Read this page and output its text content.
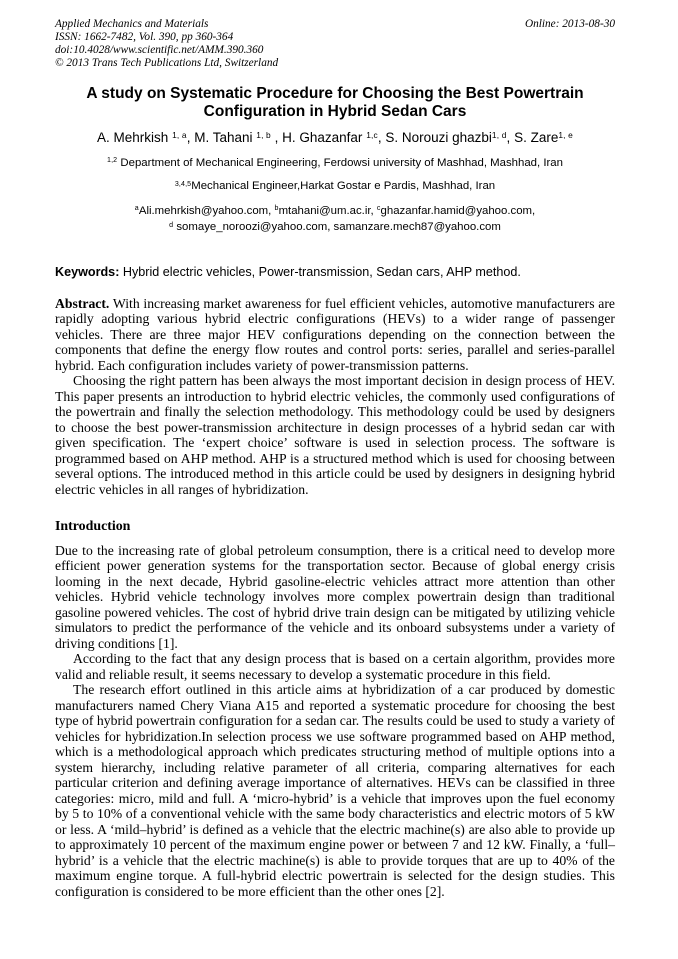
Applied Mechanics and Materials
ISSN: 1662-7482, Vol. 390, pp 360-364
doi:10.4028/www.scientific.net/AMM.390.360
© 2013 Trans Tech Publications Ltd, Switzerland
Online: 2013-08-30
A study on Systematic Procedure for Choosing the Best Powertrain Configuration in Hybrid Sedan Cars
A. Mehrkish $^{1, a}$, M. Tahani $^{1, b}$ , H. Ghazanfar $^{1,c}$, S. Norouzi ghazbi$^{1, d}$, S. Zare$^{1, e}$
$^{1,2}$ Department of Mechanical Engineering, Ferdowsi university of Mashhad, Mashhad, Iran
$^{3,4,5}$Mechanical Engineer,Harkat Gostar e Pardis, Mashhad, Iran
$^a$Ali.mehrkish@yahoo.com, $^b$mtahani@um.ac.ir, $^c$ghazanfar.hamid@yahoo.com,
$^d$ somaye_noroozi@yahoo.com, samanzare.mech87@yahoo.com
Keywords: Hybrid electric vehicles, Power-transmission, Sedan cars, AHP method.

Abstract. With increasing market awareness for fuel efficient vehicles, automotive manufacturers are rapidly adopting various hybrid electric configurations (HEVs) to a wider range of passenger vehicles. There are three major HEV configurations depending on the connection between the components that define the energy flow routes and control ports: series, parallel and series-parallel hybrid. Each configuration includes variety of power-transmission patterns.

Choosing the right pattern has been always the most important decision in design process of HEV. This paper presents an introduction to hybrid electric vehicles, the commonly used configurations of the powertrain and finally the selection methodology. This methodology could be used by designers to choose the best power-transmission architecture in design processes of a hybrid sedan car with given specification. The ‘expert choice’ software is used in selection process. The software is programmed based on AHP method. AHP is a structured method which is used for choosing between several options. The introduced method in this article could be used by designers in designing hybrid electric vehicles in all ranges of hybridization.

Introduction

Due to the increasing rate of global petroleum consumption, there is a critical need to develop more efficient power generation systems for the transportation sector. Because of global energy crisis looming in the next decade, Hybrid gasoline-electric vehicles attract more attention than other vehicles. Hybrid vehicle technology involves more complex powertrain design than traditional gasoline powered vehicles. The cost of hybrid drive train design can be mitigated by utilizing vehicle simulators to predict the performance of the vehicle and its onboard subsystems under a variety of driving conditions [1].

According to the fact that any design process that is based on a certain algorithm, provides more valid and reliable result, it seems necessary to develop a systematic procedure in this field.

The research effort outlined in this article aims at hybridization of a car produced by domestic manufacturers named Chery Viana A15 and reported a systematic procedure for choosing the best type of hybrid powertrain configuration for a sedan car. The results could be used to study a variety of vehicles for hybridization.In selection process we use software programmed based on AHP method, which is a methodological approach which predicates structuring method of multiple options into a system hierarchy, including relative parameter of all criteria, comparing alternatives for each particular criterion and defining average importance of alternatives. HEVs can be classified in three categories: micro, mild and full. A ‘micro-hybrid’ is a vehicle that improves upon the fuel economy by 5 to 10% of a conventional vehicle with the same body characteristics and electric motors of 5 kW or less. A ‘mild–hybrid’ is defined as a vehicle that the electric machine(s) are also able to provide up to approximately 10 percent of the maximum engine power or between 7 and 12 kW. Finally, a ‘full–hybrid’ is a vehicle that the electric machine(s) is able to provide torques that are up to 40% of the maximum engine torque. A full-hybrid electric powertrain is selected for the design studies. This configuration is considered to be more efficient than the other ones [2].
